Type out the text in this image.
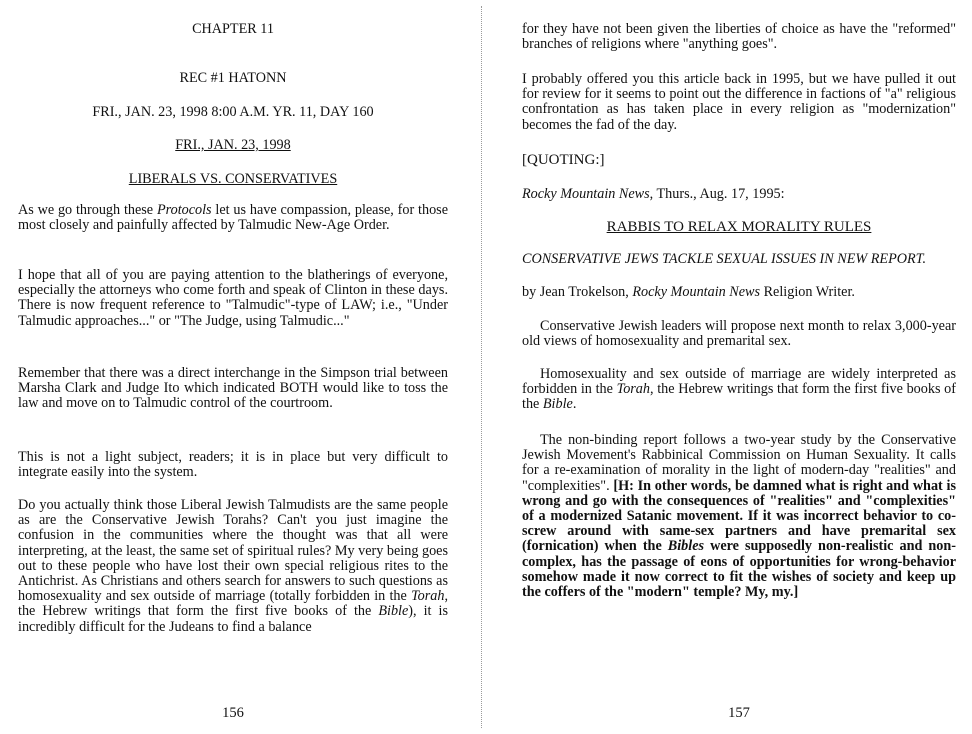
CHAPTER 11
REC #1 HATONN
FRI., JAN. 23, 1998 8:00 A.M. YR. 11, DAY 160
FRI., JAN. 23, 1998
LIBERALS VS. CONSERVATIVES

As we go through these Protocols let us have compassion, please, for those most closely and painfully affected by Talmudic New-Age Order.

I hope that all of you are paying attention to the blatherings of everyone, especially the attorneys who come forth and speak of Clinton in these days. There is now frequent reference to "Talmudic"-type of LAW; i.e., "Under Talmudic approaches..." or "The Judge, using Talmudic..."

Remember that there was a direct interchange in the Simpson trial between Marsha Clark and Judge Ito which indicated BOTH would like to toss the law and move on to Talmudic control of the courtroom.

This is not a light subject, readers; it is in place but very difficult to integrate easily into the system.

Do you actually think those Liberal Jewish Talmudists are the same people as are the Conservative Jewish Torahs? Can't you just imagine the confusion in the communities where the thought was that all were interpreting, at the least, the same set of spiritual rules? My very being goes out to these people who have lost their own special religious rites to the Antichrist. As Christians and others search for answers to such questions as homosexuality and sex outside of marriage (totally forbidden in the Torah, the Hebrew writings that form the first five books of the Bible), it is incredibly difficult for the Judeans to find a balance

156

for they have not been given the liberties of choice as have the "reformed" branches of religions where "anything goes".

I probably offered you this article back in 1995, but we have pulled it out for review for it seems to point out the difference in factions of "a" religious confrontation as has taken place in every religion as "modernization" becomes the fad of the day.

[QUOTING:]
Rocky Mountain News, Thurs., Aug. 17, 1995:
RABBIS TO RELAX MORALITY RULES

CONSERVATIVE JEWS TACKLE SEXUAL ISSUES IN NEW REPORT.

by Jean Trokelson, Rocky Mountain News Religion Writer.

Conservative Jewish leaders will propose next month to relax 3,000-year old views of homosexuality and premarital sex.

Homosexuality and sex outside of marriage are widely interpreted as forbidden in the Torah, the Hebrew writings that form the first five books of the Bible.

The non-binding report follows a two-year study by the Conservative Jewish Movement's Rabbinical Commission on Human Sexuality. It calls for a re-examination of morality in the light of modern-day "realities" and "complexities". [H: In other words, be damned what is right and what is wrong and go with the consequences of "realities" and "complexities" of a modernized Satanic movement. If it was incorrect behavior to co-screw around with same-sex partners and have premarital sex (fornication) when the Bibles were supposedly non-realistic and non-complex, has the passage of eons of opportunities for wrong-behavior somehow made it now correct to fit the wishes of society and keep up the coffers of the "modern" temple? My, my.]

157
